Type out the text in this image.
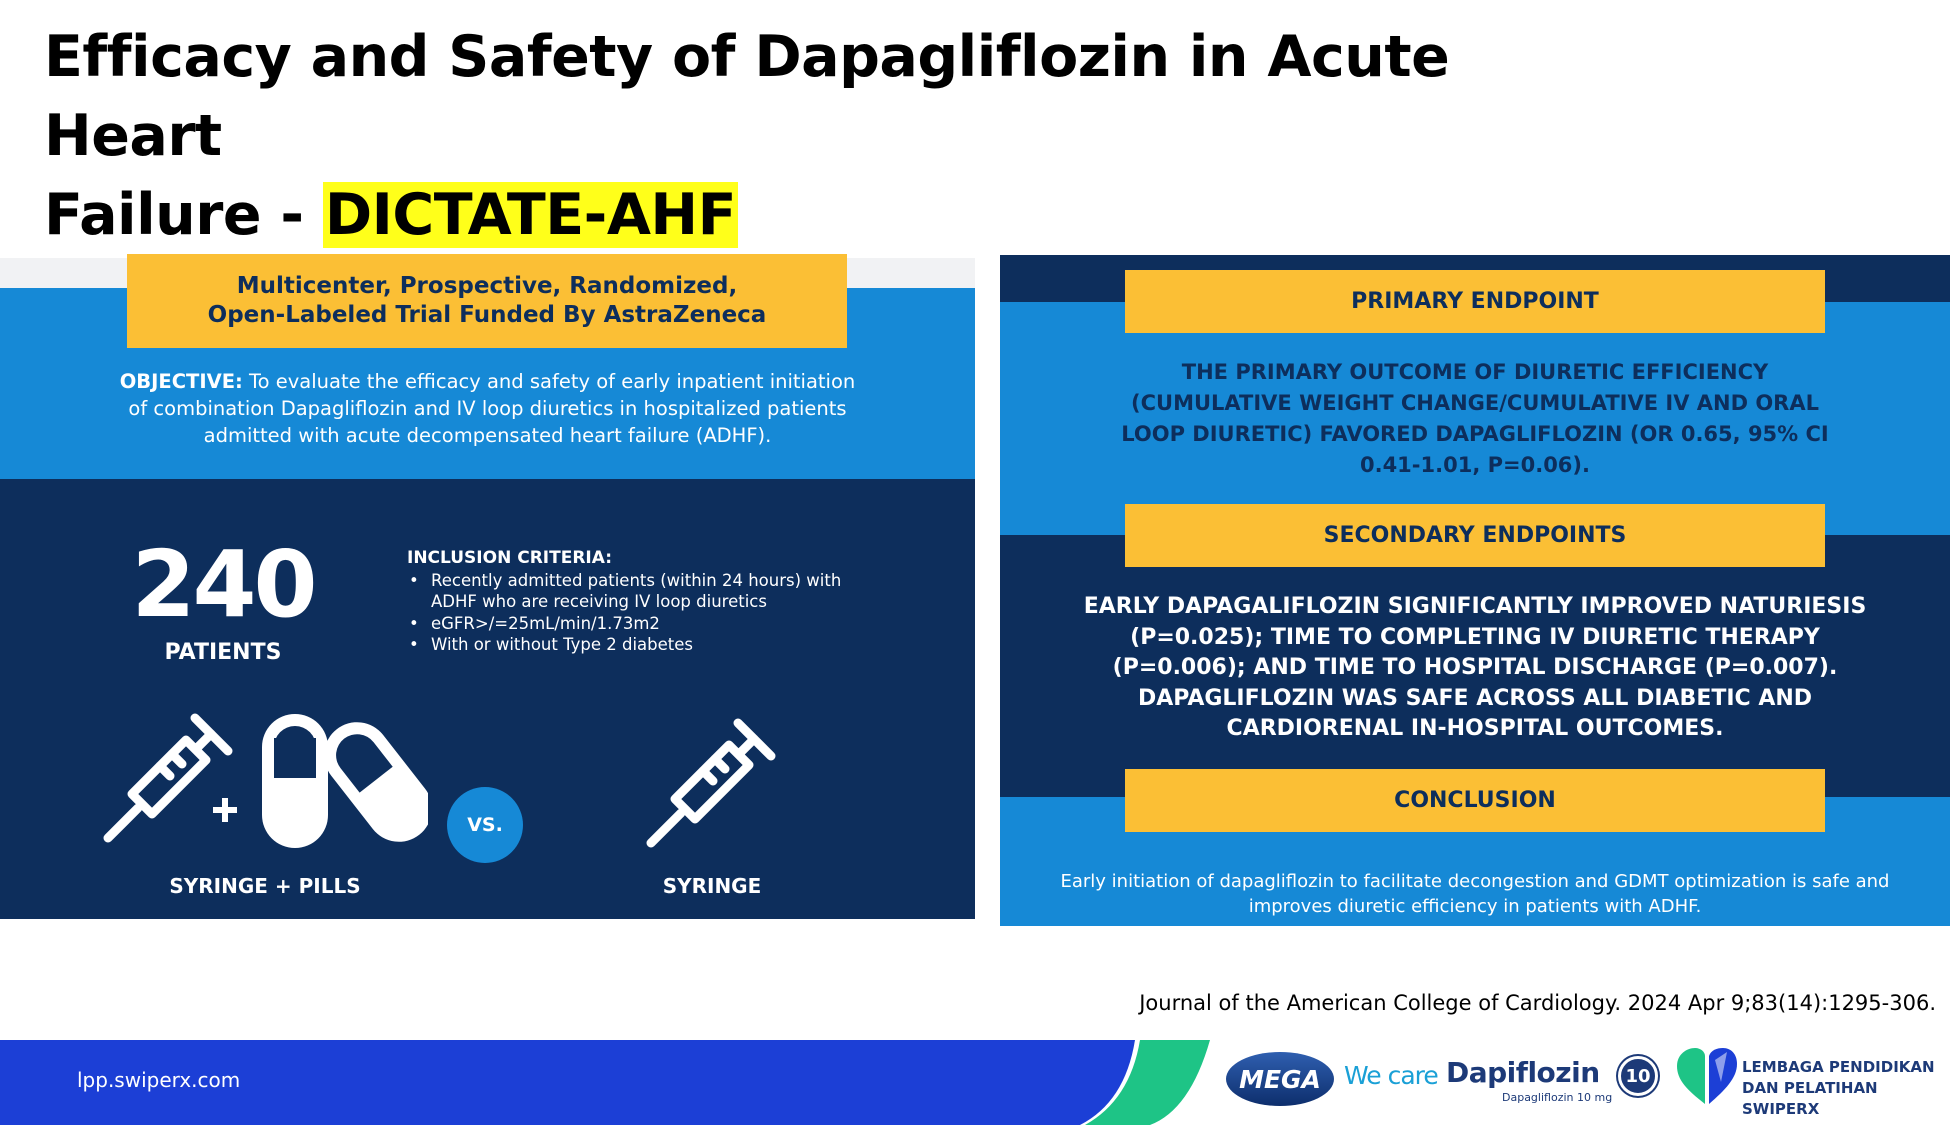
Efficacy and Safety of Dapagliflozin in Acute Heart
Failure - DICTATE-AHF
Multicenter, Prospective, Randomized,
Open-Labeled Trial Funded By AstraZeneca
OBJECTIVE: To evaluate the efficacy and safety of early inpatient initiation of combination Dapagliflozin and IV loop diuretics in hospitalized patients admitted with acute decompensated heart failure (ADHF).
240
PATIENTS
INCLUSION CRITERIA:
• Recently admitted patients (within 24 hours) with ADHF who are receiving IV loop diuretics
• eGFR>/=25mL/min/1.73m2
• With or without Type 2 diabetes
VS.
SYRINGE + PILLS	SYRINGE
PRIMARY ENDPOINT
THE PRIMARY OUTCOME OF DIURETIC EFFICIENCY (CUMULATIVE WEIGHT CHANGE/CUMULATIVE IV AND ORAL LOOP DIURETIC) FAVORED DAPAGLIFLOZIN (OR 0.65, 95% CI 0.41-1.01, P=0.06).
SECONDARY ENDPOINTS
EARLY DAPAGALIFLOZIN SIGNIFICANTLY IMPROVED NATURIESIS (P=0.025); TIME TO COMPLETING IV DIURETIC THERAPY (P=0.006); AND TIME TO HOSPITAL DISCHARGE (P=0.007). DAPAGLIFLOZIN WAS SAFE ACROSS ALL DIABETIC AND CARDIORENAL IN-HOSPITAL OUTCOMES.
CONCLUSION
Early initiation of dapagliflozin to facilitate decongestion and GDMT optimization is safe and improves diuretic efficiency in patients with ADHF.
Journal of the American College of Cardiology. 2024 Apr 9;83(14):1295-306.
lpp.swiperx.com	MEGA We care Dapiflozin
Dapagliflozin 10 mg
10	LEMBAGA PENDIDIKAN
DAN PELATIHAN SWIPERX
